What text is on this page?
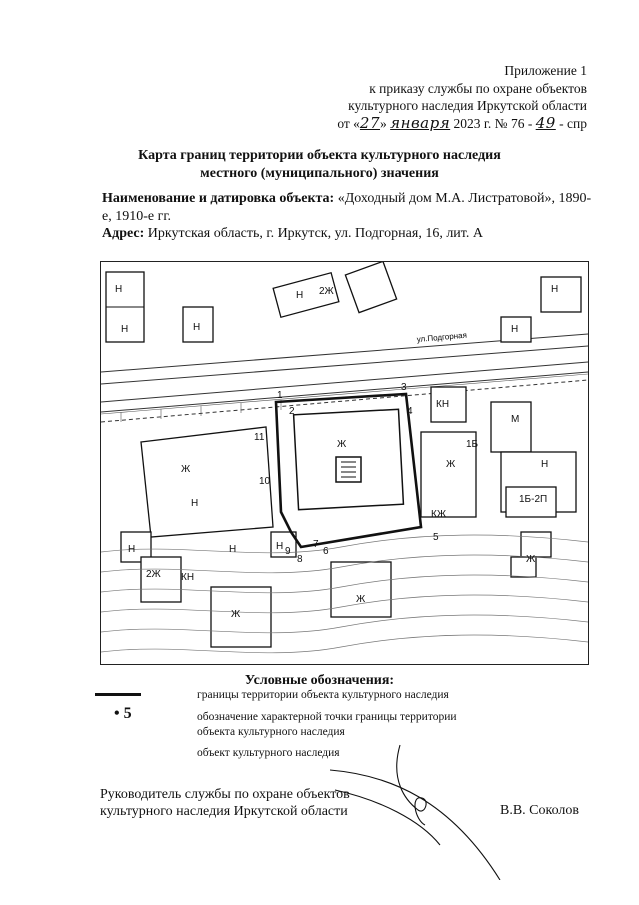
Приложение 1
к приказу службы по охране объектов
культурного наследия Иркутской области
от «27» января 2023 г. № 76 - 49 - спр
Карта границ территории объекта культурного наследия
местного (муниципального) значения
Наименование и датировка объекта: «Доходный дом М.А. Листратовой», 1890-е, 1910-е гг.
Адрес: Иркутская область, г. Иркутск, ул. Подгорная, 16, лит. А
ул.Подгорная
Н
Н	Н
Н 2Ж
Ж
Ж
Н
КН
Ж
Ж
Н	Н
Н
2Ж КН
Ж
Ж
М
1Б
Н
КЖ
1Б-2П
Н
Н
1
2
3
4
5
6
7
8
9
10
11
Условные обозначения:
границы территории объекта культурного наследия
• 5	обозначение характерной точки границы территории
объекта культурного наследия
объект культурного наследия
Руководитель службы по охране объектов
культурного наследия Иркутской области	В.В. Соколов
